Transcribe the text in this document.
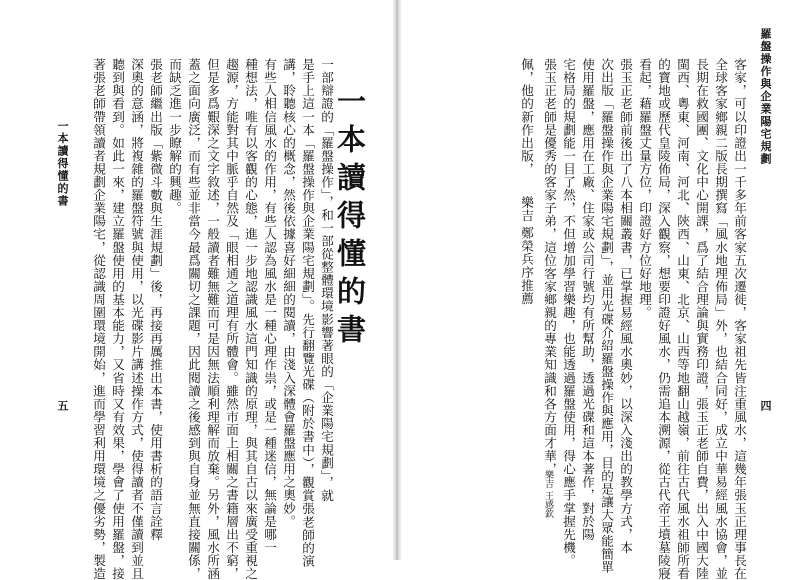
一本讀得懂的書
五
一本讀得懂的書
一部辯證的「羅盤操作」，和一部從整體環境影響著眼的「企業陽宅規劃」，就
是手上這一本「羅盤操作與企業陽宅規劃」。先行翻覽光碟（附於書中），觀賞張老師的演
講，聆聽核心的概念，然後依據喜好細細的閱讀，由淺入深體會羅盤應用之奧妙。
有些人相信風水的作用，有些人認為風水是一種心理作祟，或是一種迷信，無論是哪一
種想法，唯有以客觀的心態，進一步地認識風水這門知識的原理，與其自古以來廣受重視之
趨源，方能對其中脈乎自然及「眼相通之道理有所體會。雖然市面上相關之書籍層出不窮，
但是多爲艱深之文字敘述，一般讀者難無難而可是因無法順利理解而放棄。另外，風水所涵
蓋之面向廣泛，而有些並非當今最爲關切之課題，因此閱讀之後感到與自身並無直接關係，
而缺乏進一步瞭解的興趣。
張老師繼出版「紫微斗數與生涯規劃」後，再接再厲推出本書，使用書析的語言詮釋
深奧的意涵，將複雜的羅盤符號與使用，以光碟影片講述操作方式，使得讀者不僅讀到並且
聽到與看到。如此一來，建立羅盤使用的基本能力，又省時又有效果，學會了使用羅盤，接
著張老師帶領讀者規劃企業陽宅，從認識周圍環境開始，進而學習利用環境之優劣勢，製造	羅盤操作與企業陽宅規劃
四
客家，可以印證出一千多年前客家五次遷徙，客家祖先皆注重風水，這幾年張玉正理事長在
全球客家鄉親二版長期撰寫「風水地理佈局」外，也結合同好，成立中華易經風水協會，並
長期在救國團、文化中心開課，爲了結合理論與實務印證，張玉正老師自費，出入中國大陸
閩西、粵東、河南、河北、陝西、山東、北京、山西等地翻山越嶺，前往古代風水祖師所看
的寶地或歷代皇陵佈局，深入觀察，想要印證好風水，仍需追本溯源，從古代帝王墳墓陵寢
看起，藉羅盤丈量方位，印證好方位好地理。
張玉正老師前後出了八本相關叢書，已掌握易經風水奧妙，以深入淺出的教學方式，本
次出版「羅盤操作與企業陽宅規劃」，並用光碟介紹羅盤操作與應用，目的是讓大眾能簡單
使用羅盤，應用在工廠、住家或公司行號均有所幫助，透過光碟和這本著作，對於陽
宅格局的規劃能一目了然，不但增加學習樂趣，也能透過羅盤使用，得心應手掌握先機。
張玉正老師是優秀的客家子弟，這位客家鄉親的專業知識和各方面才華，
佩，他的新作出版，
樂吉 鄭榮兵序推薦
樂吉 王感欽
